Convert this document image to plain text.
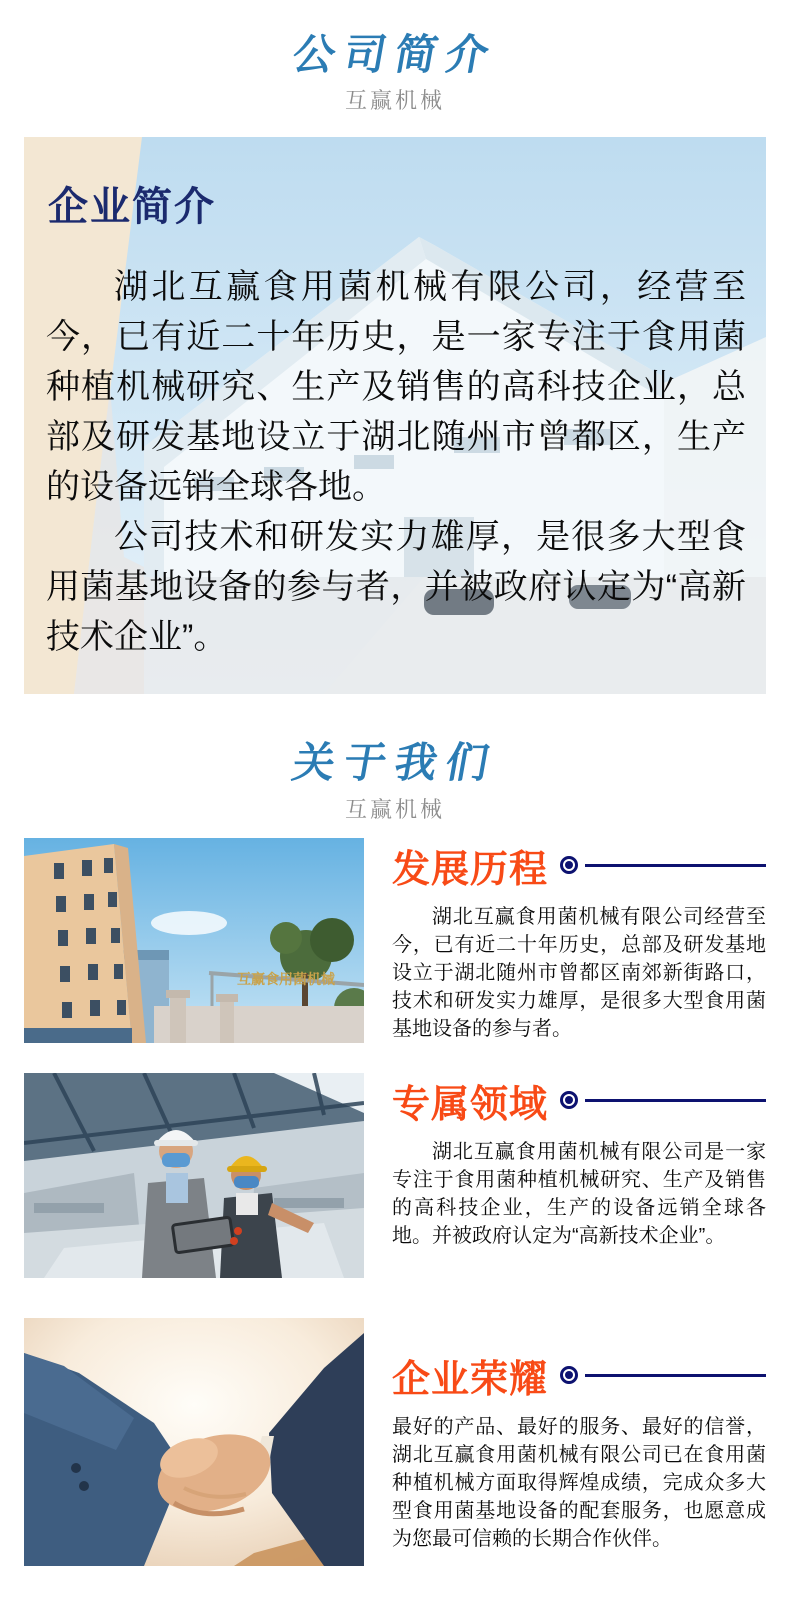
公司简介
互赢机械
企业简介

湖北互赢食用菌机械有限公司，经营至今，已有近二十年历史，是一家专注于食用菌种植机械研究、生产及销售的高科技企业，总部及研发基地设立于湖北随州市曾都区，生产的设备远销全球各地。

公司技术和研发实力雄厚，是很多大型食用菌基地设备的参与者，并被政府认定为“高新技术企业”。

关于我们
互赢机械
互赢食用菌机械
发展历程

湖北互赢食用菌机械有限公司经营至今，已有近二十年历史，总部及研发基地设立于湖北随州市曾都区南郊新街路口，技术和研发实力雄厚，是很多大型食用菌基地设备的参与者。

专属领域

湖北互赢食用菌机械有限公司是一家专注于食用菌种植机械研究、生产及销售的高科技企业，生产的设备远销全球各地。并被政府认定为“高新技术企业”。

企业荣耀

最好的产品、最好的服务、最好的信誉，湖北互赢食用菌机械有限公司已在食用菌种植机械方面取得辉煌成绩，完成众多大型食用菌基地设备的配套服务，也愿意成为您最可信赖的长期合作伙伴。
